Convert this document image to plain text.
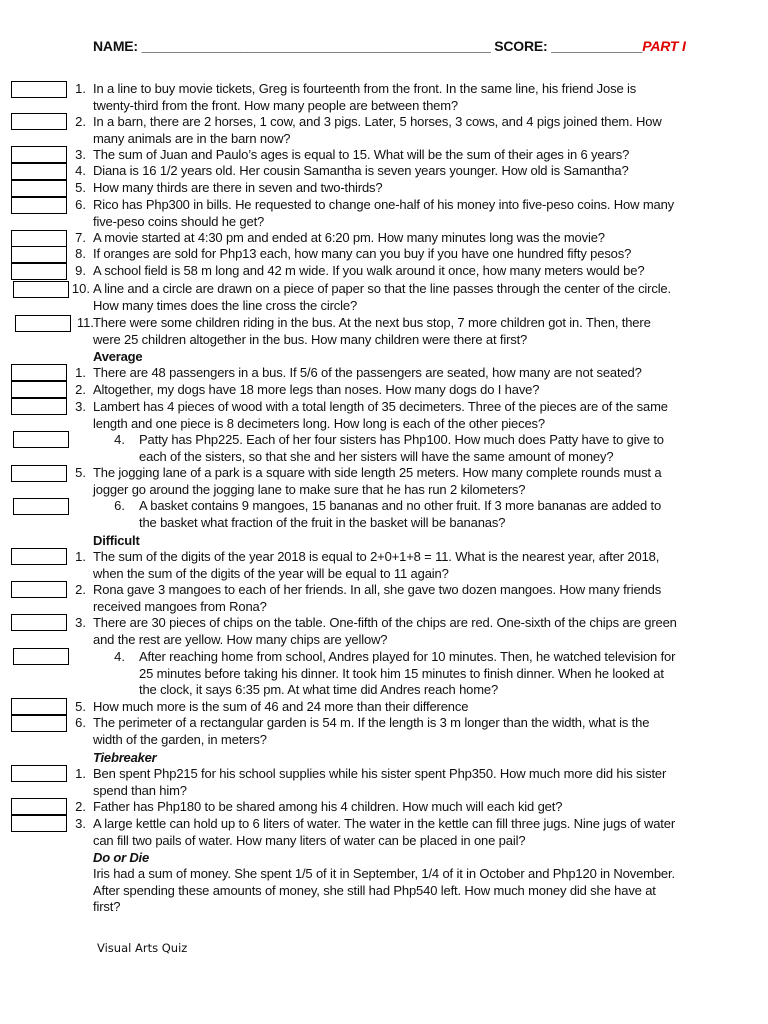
NAME: ______________________________________________ SCORE: ____________PART I
1. In a line to buy movie tickets, Greg is fourteenth from the front. In the same line, his friend Jose is twenty-third from the front. How many people are between them?
2. In a barn, there are 2 horses, 1 cow, and 3 pigs. Later, 5 horses, 3 cows, and 4 pigs joined them. How many animals are in the barn now?
3. The sum of Juan and Paulo’s ages is equal to 15. What will be the sum of their ages in 6 years?
4. Diana is 16 1/2 years old. Her cousin Samantha is seven years younger. How old is Samantha?
5. How many thirds are there in seven and two-thirds?
6. Rico has Php300 in bills. He requested to change one-half of his money into five-peso coins. How many five-peso coins should he get?
7. A movie started at 4:30 pm and ended at 6:20 pm. How many minutes long was the movie?
8. If oranges are sold for Php13 each, how many can you buy if you have one hundred fifty pesos?
9. A school field is 58 m long and 42 m wide. If you walk around it once, how many meters would be?
10. A line and a circle are drawn on a piece of paper so that the line passes through the center of the circle. How many times does the line cross the circle?
11. There were some children riding in the bus. At the next bus stop, 7 more children got in. Then, there were 25 children altogether in the bus. How many children were there at first?
Average
1. There are 48 passengers in a bus. If 5/6 of the passengers are seated, how many are not seated?
2. Altogether, my dogs have 18 more legs than noses. How many dogs do I have?
3. Lambert has 4 pieces of wood with a total length of 35 decimeters. Three of the pieces are of the same length and one piece is 8 decimeters long. How long is each of the other pieces?
4. Patty has Php225. Each of her four sisters has Php100. How much does Patty have to give to each of the sisters, so that she and her sisters will have the same amount of money?
5. The jogging lane of a park is a square with side length 25 meters. How many complete rounds must a jogger go around the jogging lane to make sure that he has run 2 kilometers?
6. A basket contains 9 mangoes, 15 bananas and no other fruit. If 3 more bananas are added to the basket what fraction of the fruit in the basket will be bananas?
Difficult
1. The sum of the digits of the year 2018 is equal to 2+0+1+8 = 11. What is the nearest year, after 2018, when the sum of the digits of the year will be equal to 11 again?
2. Rona gave 3 mangoes to each of her friends. In all, she gave two dozen mangoes. How many friends received mangoes from Rona?
3. There are 30 pieces of chips on the table. One-fifth of the chips are red. One-sixth of the chips are green and the rest are yellow. How many chips are yellow?
4. After reaching home from school, Andres played for 10 minutes. Then, he watched television for 25 minutes before taking his dinner. It took him 15 minutes to finish dinner. When he looked at the clock, it says 6:35 pm. At what time did Andres reach home?
5. How much more is the sum of 46 and 24 more than their difference
6. The perimeter of a rectangular garden is 54 m. If the length is 3 m longer than the width, what is the width of the garden, in meters?
Tiebreaker
1. Ben spent Php215 for his school supplies while his sister spent Php350. How much more did his sister spend than him?
2. Father has Php180 to be shared among his 4 children. How much will each kid get?
3. A large kettle can hold up to 6 liters of water. The water in the kettle can fill three jugs. Nine jugs of water can fill two pails of water. How many liters of water can be placed in one pail?
Do or Die
Iris had a sum of money. She spent 1/5 of it in September, 1/4 of it in October and Php120 in November. After spending these amounts of money, she still had Php540 left. How much money did she have at first?
Visual Arts Quiz
